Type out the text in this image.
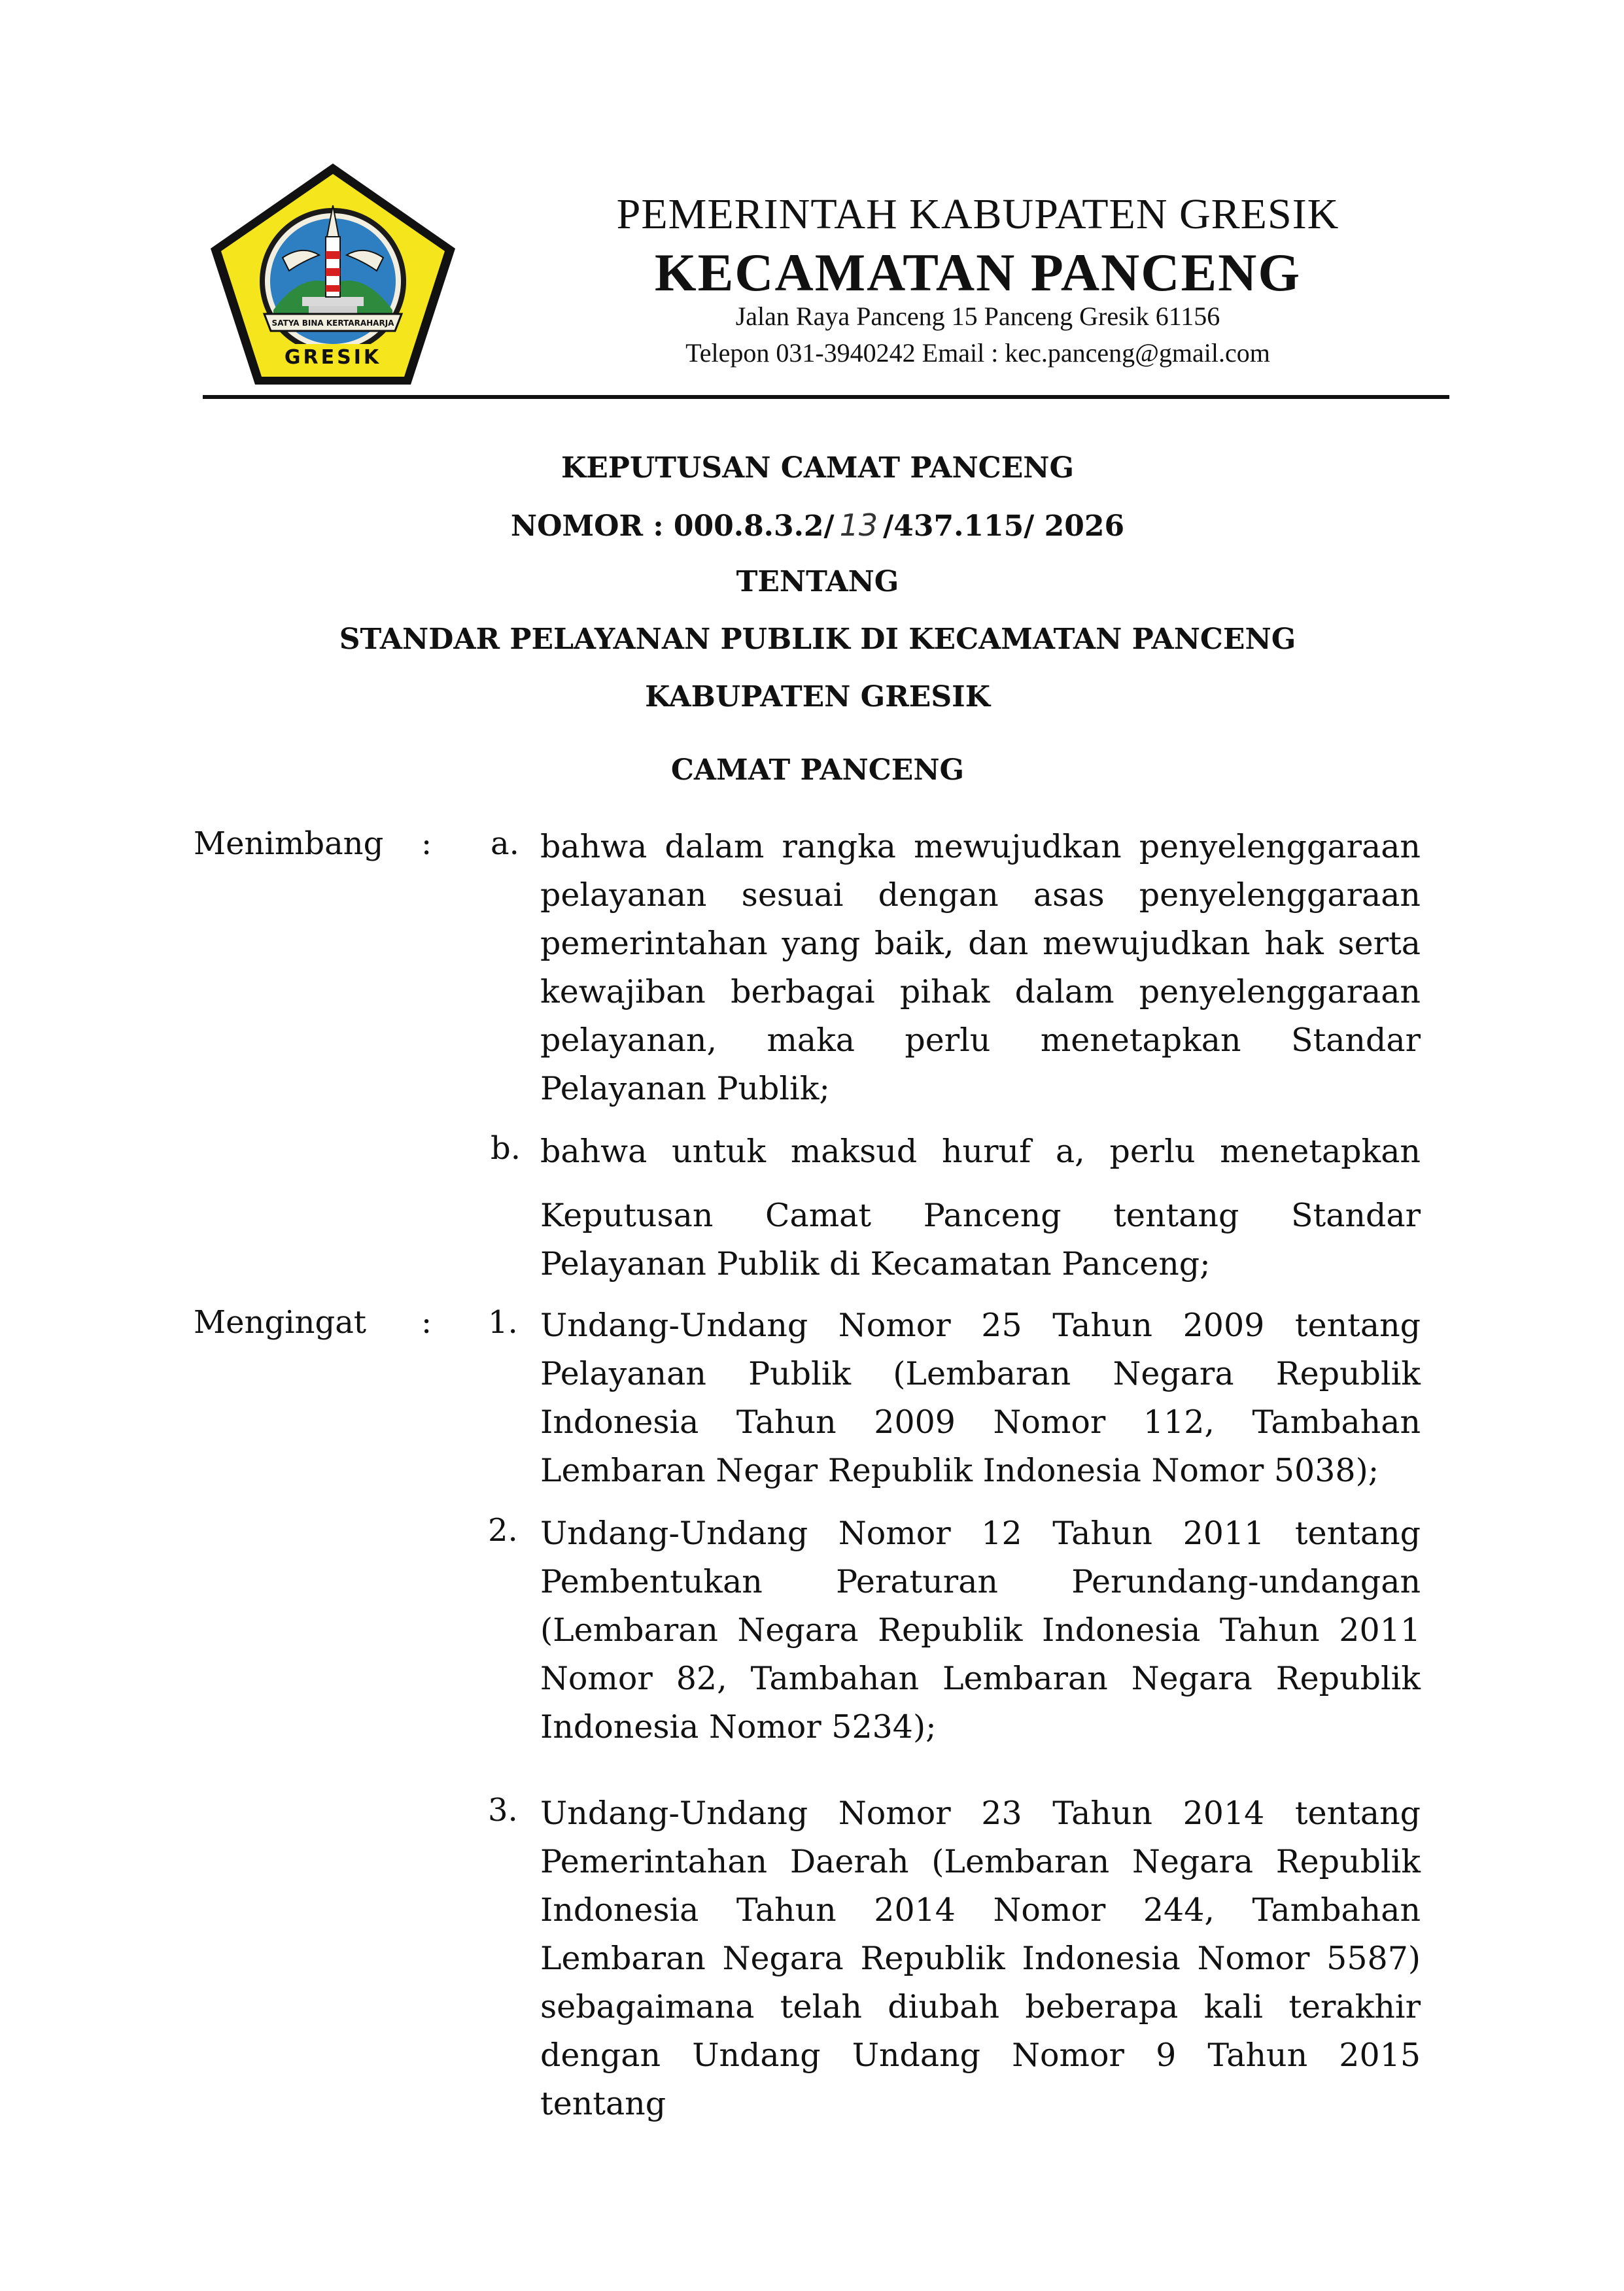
SATYA BINA KERTARAHARJA
GRESIK
PEMERINTAH KABUPATEN GRESIK
KECAMATAN PANCENG
Jalan Raya Panceng 15 Panceng Gresik 61156
Telepon 031-3940242 Email : kec.panceng@gmail.com
KEPUTUSAN CAMAT PANCENG
NOMOR : 000.8.3.2/ 13 /437.115/ 2026
TENTANG
STANDAR PELAYANAN PUBLIK DI KECAMATAN PANCENG
KABUPATEN GRESIK
CAMAT PANCENG
Menimbang : a. bahwa dalam rangka mewujudkan penyelenggaraan pelayanan sesuai dengan asas penyelenggaraan pemerintahan yang baik, dan mewujudkan hak serta kewajiban berbagai pihak dalam penyelenggaraan pelayanan, maka perlu menetapkan Standar Pelayanan Publik;
b. bahwa untuk maksud huruf a, perlu menetapkan
Keputusan Camat Panceng tentang Standar Pelayanan Publik di Kecamatan Panceng;
Mengingat : 1. Undang-Undang Nomor 25 Tahun 2009 tentang Pelayanan Publik (Lembaran Negara Republik Indonesia Tahun 2009 Nomor 112, Tambahan Lembaran Negar Republik Indonesia Nomor 5038);
2. Undang-Undang Nomor 12 Tahun 2011 tentang Pembentukan Peraturan Perundang-undangan (Lembaran Negara Republik Indonesia Tahun 2011 Nomor 82, Tambahan Lembaran Negara Republik Indonesia Nomor 5234);
3. Undang-Undang Nomor 23 Tahun 2014 tentang Pemerintahan Daerah (Lembaran Negara Republik Indonesia Tahun 2014 Nomor 244, Tambahan Lembaran Negara Republik Indonesia Nomor 5587) sebagaimana telah diubah beberapa kali terakhir dengan Undang Undang Nomor 9 Tahun 2015 tentang
